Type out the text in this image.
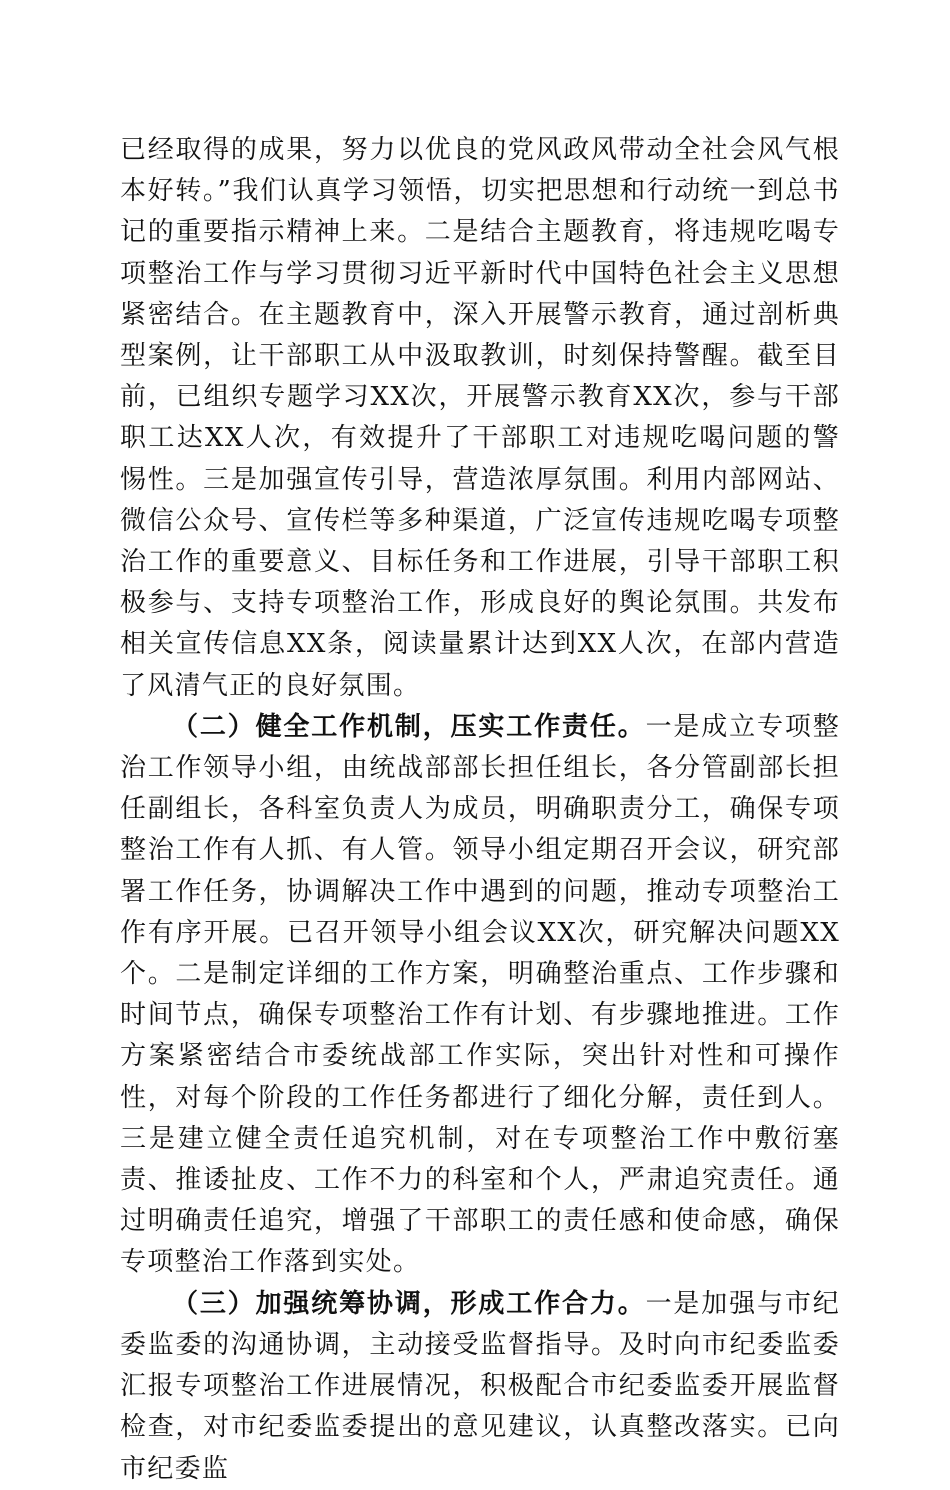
已经取得的成果，努力以优良的党风政风带动全社会风气根本好转。”我们认真学习领悟，切实把思想和行动统一到总书记的重要指示精神上来。二是结合主题教育，将违规吃喝专项整治工作与学习贯彻习近平新时代中国特色社会主义思想紧密结合。在主题教育中，深入开展警示教育，通过剖析典型案例，让干部职工从中汲取教训，时刻保持警醒。截至目前，已组织专题学习XX次，开展警示教育XX次，参与干部职工达XX人次，有效提升了干部职工对违规吃喝问题的警惕性。三是加强宣传引导，营造浓厚氛围。利用内部网站、微信公众号、宣传栏等多种渠道，广泛宣传违规吃喝专项整治工作的重要意义、目标任务和工作进展，引导干部职工积极参与、支持专项整治工作，形成良好的舆论氛围。共发布相关宣传信息XX条，阅读量累计达到XX人次，在部内营造了风清气正的良好氛围。

（二）健全工作机制，压实工作责任。一是成立专项整治工作领导小组，由统战部部长担任组长，各分管副部长担任副组长，各科室负责人为成员，明确职责分工，确保专项整治工作有人抓、有人管。领导小组定期召开会议，研究部署工作任务，协调解决工作中遇到的问题，推动专项整治工作有序开展。已召开领导小组会议XX次，研究解决问题XX个。二是制定详细的工作方案，明确整治重点、工作步骤和时间节点，确保专项整治工作有计划、有步骤地推进。工作方案紧密结合市委统战部工作实际，突出针对性和可操作性，对每个阶段的工作任务都进行了细化分解，责任到人。三是建立健全责任追究机制，对在专项整治工作中敷衍塞责、推诿扯皮、工作不力的科室和个人，严肃追究责任。通过明确责任追究，增强了干部职工的责任感和使命感，确保专项整治工作落到实处。

（三）加强统筹协调，形成工作合力。一是加强与市纪委监委的沟通协调，主动接受监督指导。及时向市纪委监委汇报专项整治工作进展情况，积极配合市纪委监委开展监督检查，对市纪委监委提出的意见建议，认真整改落实。已向市纪委监
